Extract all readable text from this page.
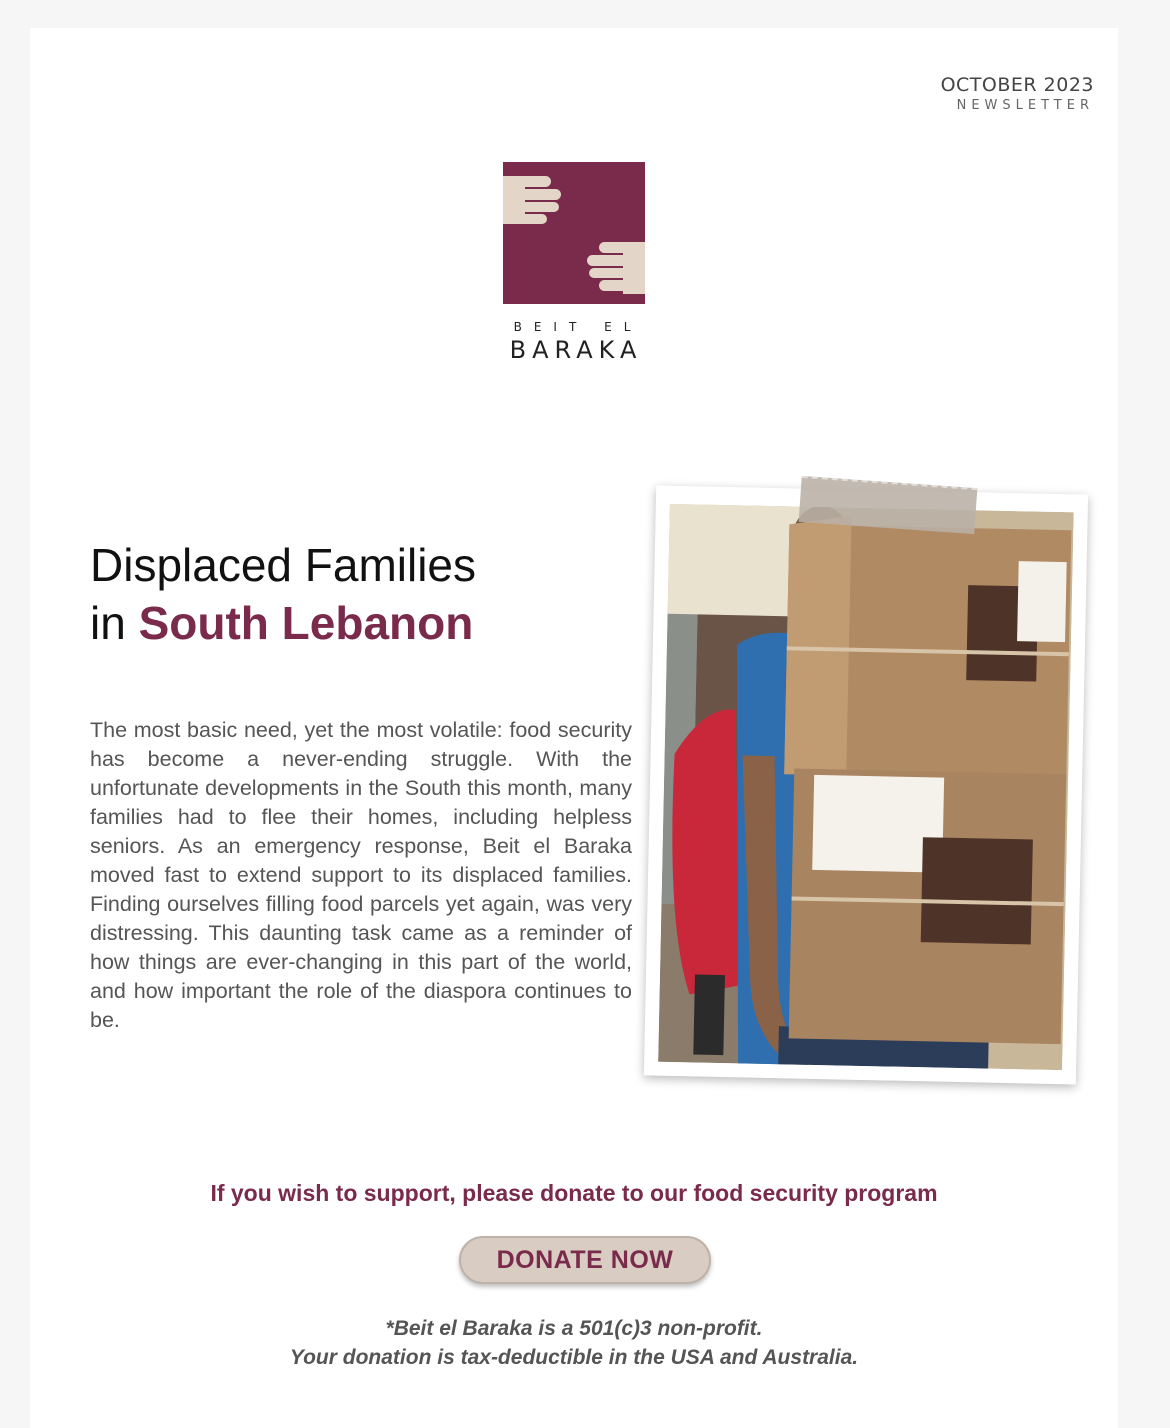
OCTOBER 2023
NEWSLETTER
BEIT EL
BARAKA
Displaced Families
in South Lebanon
The most basic need, yet the most volatile: food security has become a never-ending struggle. With the unfortunate developments in the South this month, many families had to flee their homes, including helpless seniors. As an emergency response, Beit el Baraka moved fast to extend support to its displaced families. Finding ourselves filling food parcels yet again, was very distressing. This daunting task came as a reminder of how things are ever-changing in this part of the world, and how important the role of the diaspora continues to be.
If you wish to support, please donate to our food security program
DONATE NOW
*Beit el Baraka is a 501(c)3 non-profit.
Your donation is tax-deductible in the USA and Australia.
